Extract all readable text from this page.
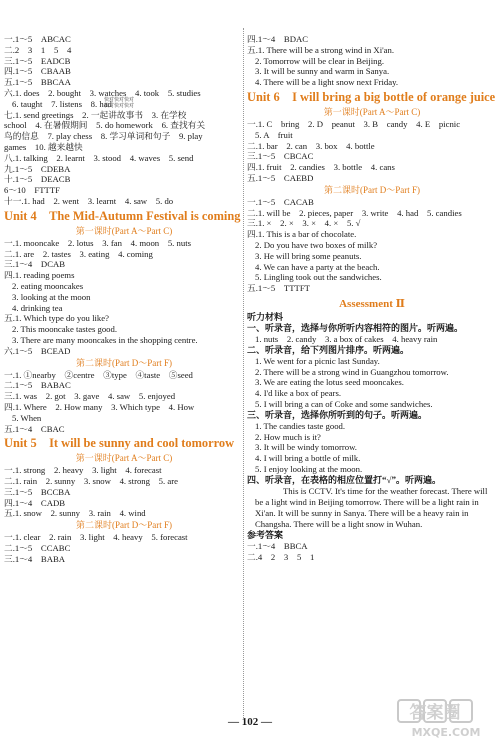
一.1～5　ABCAC
二.2　3　1　5　4
三.1～5　EADCB
四.1～5　CBAAB
五.1～5　BBCAA
六.1. does　2. bought　3. watches　4. took　5. studies
6. taught　7. listens　8. had
七.1. send greetings　2. 一起讲故事书　3. 在学校
school　4. 在暑假期间　5. do homework　6. 查找有关
鸟的信息　7. play chess　8. 学习单词和句子　9. play
games　10. 越来越快
八.1. talking　2. learnt　3. stood　4. waves　5. send
九.1～5　CDEBA
十.1～5　DEACB
6～10　FTTTF
十一.1. had　2. went　3. learnt　4. saw　5. do
Unit 4　The Mid-Autumn Festival is coming
第一课时(Part A～Part C)
一.1. mooncake　2. lotus　3. fan　4. moon　5. nuts
二.1. are　2. tastes　3. eating　4. coming
三.1～4　DCAB
四.1. reading poems
2. eating mooncakes
3. looking at the moon
4. drinking tea
五.1. Which type do you like?
2. This mooncake tastes good.
3. There are many mooncakes in the shopping centre.
六.1～5　BCEAD
第二课时(Part D～Part F)
一.1. ①nearby　②centre　③type　④taste　⑤seed
二.1～5　BABAC
三.1. was　2. got　3. gave　4. saw　5. enjoyed
四.1. Where　2. How many　3. Which type　4. How
5. When
五.1～4　CBAC
Unit 5　It will be sunny and cool tomorrow
第一课时(Part A～Part C)
一.1. strong　2. heavy　3. light　4. forecast
二.1. rain　2. sunny　3. snow　4. strong　5. are
三.1～5　BCCBA
四.1～4　CADB
五.1. snow　2. sunny　3. rain　4. wind
第二课时(Part D～Part F)
一.1. clear　2. rain　3. light　4. heavy　5. forecast
二.1～5　CCABC
三.1～4　BABA
快对快对快对
快对快对快对
四.1～4　BDAC
五.1. There will be a strong wind in Xi'an.
2. Tomorrow will be clear in Beijing.
3. It will be sunny and warm in Sanya.
4. There will be a light snow next Friday.
Unit 6　I will bring a big bottle of orange juice
第一课时(Part A～Part C)
一.1. C　bring　2. D　peanut　3. B　candy　4. E　picnic
5. A　fruit
二.1. bar　2. can　3. box　4. bottle
三.1～5　CBCAC
四.1. fruit　2. candies　3. bottle　4. cans
五.1～5　CAEBD
第二课时(Part D～Part F)
一.1～5　CACAB
二.1. will be　2. pieces, paper　3. write　4. had　5. candies
三.1. ×　2. ×　3. ×　4. ×　5. √
四.1. This is a bar of chocolate.
2. Do you have two boxes of milk?
3. He will bring some peanuts.
4. We can have a party at the beach.
5. Lingling took out the sandwiches.
五.1～5　TTTFT
Assessment Ⅱ
听力材料
一、听录音，选择与你所听内容相符的图片。听两遍。
1. nuts　2. candy　3. a box of cakes　4. heavy rain
二、听录音，给下列图片排序。听两遍。
1. We went for a picnic last Sunday.
2. There will be a strong wind in Guangzhou tomorrow.
3. We are eating the lotus seed mooncakes.
4. I'd like a box of pears.
5. I will bring a can of Coke and some sandwiches.
三、听录音，选择你所听到的句子。听两遍。
1. The candies taste good.
2. How much is it?
3. It will be windy tomorrow.
4. I will bring a bottle of milk.
5. I enjoy looking at the moon.
四、听录音，在表格的相应位置打“√”。听两遍。
This is CCTV. It's time for the weather forecast. There will be a light wind in Beijing tomorrow. There will be a light rain in Xi'an. It will be sunny in Sanya. There will be a heavy rain in Changsha. There will be a light snow in Wuhan.
参考答案
一.1～4　BBCA
二.4　2　3　5　1
— 102 —	答案圈
MXQE.COM
